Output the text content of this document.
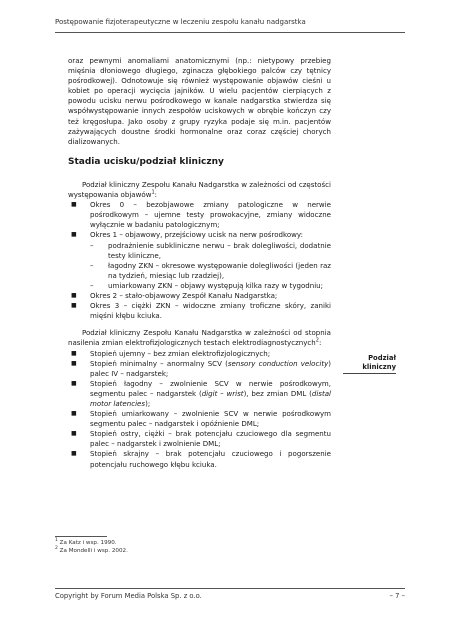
Postępowanie fizjoterapeutyczne w leczeniu zespołu kanału nadgarstka

oraz pewnymi anomaliami anatomicznymi (np.: nietypowy przebieg mięśnia dłoniowego długiego, zginacza głębokiego palców czy tętnicy pośrodkowej). Odnotowuje się również występowanie objawów cieśni u kobiet po operacji wycięcia jajników. U wielu pacjentów cierpiących z powodu ucisku nerwu pośrodkowego w kanale nadgarstka stwierdza się współwystępowanie innych zespołów uciskowych w obrębie kończyn czy też kręgosłupa. Jako osoby z grupy ryzyka podaje się m.in. pacjentów zażywających doustne środki hormonalne oraz coraz częściej chorych dializowanych.

Stadia ucisku/podział kliniczny

Podział kliniczny Zespołu Kanału Nadgarstka w zależności od częstości występowania objawów$^1$:

■ Okres 0 – bezobjawowe zmiany patologiczne w nerwie pośrodkowym – ujemne testy prowokacyjne, zmiany widoczne wyłącznie w badaniu patologicznym;
■ Okres 1 – objawowy, przejściowy ucisk na nerw pośrodkowy:
– podrażnienie subkliniczne nerwu – brak dolegliwości, dodatnie testy kliniczne,
– łagodny ZKN – okresowe występowanie dolegliwości (jeden raz na tydzień, miesiąc lub rzadziej),
– umiarkowany ZKN – objawy występują kilka razy w tygodniu;
■ Okres 2 – stało-objawowy Zespół Kanału Nadgarstka;
■ Okres 3 – ciężki ZKN – widoczne zmiany troficzne skóry, zaniki mięśni kłębu kciuka.

Podział kliniczny Zespołu Kanału Nadgarstka w zależności od stopnia nasilenia zmian elektrofizjologicznych testach elektrodiagnostycznych$^2$:

■ Stopień ujemny – bez zmian elektrofizjologicznych;
■ Stopień minimalny – anormalny SCV (sensory conduction velocity) palec IV – nadgarstek;
■ Stopień łagodny – zwolnienie SCV w nerwie pośrodkowym, segmentu palec – nadgarstek (digit – wrist), bez zmian DML (distal motor latencies);
■ Stopień umiarkowany – zwolnienie SCV w nerwie pośrodkowym segmentu palec – nadgarstek i opóźnienie DML;
■ Stopień ostry, ciężki – brak potencjału czuciowego dla segmentu palec – nadgarstek i zwolnienie DML;
■ Stopień skrajny – brak potencjału czuciowego i pogorszenie potencjału ruchowego kłębu kciuka.
Podział
kliniczny
$^1$ Za Katz i wsp. 1990.
$^2$ Za Mondelli i wsp. 2002.
Copyright by Forum Media Polska Sp. z o.o.	– 7 –
